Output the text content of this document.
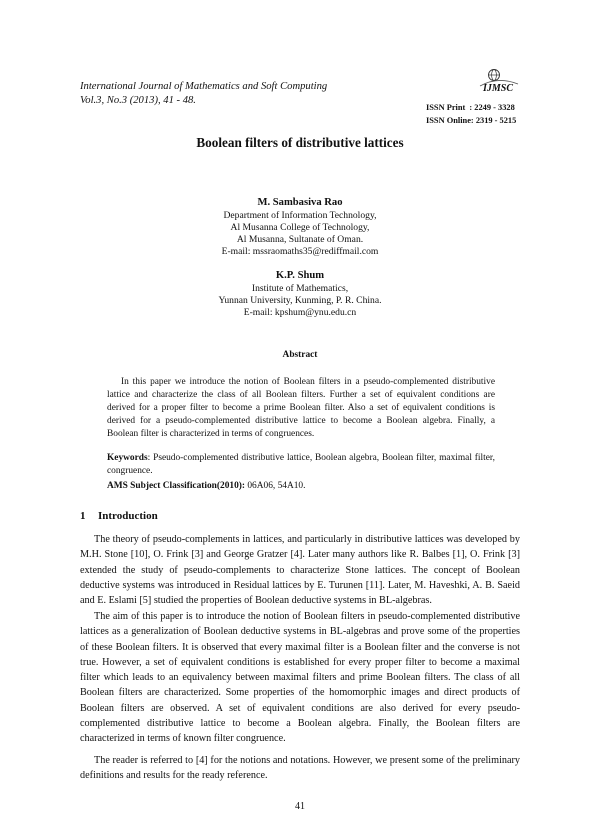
International Journal of Mathematics and Soft Computing
Vol.3, No.3 (2013), 41 - 48.
IJMSC
ISSN Print : 2249 - 3328
ISSN Online: 2319 - 5215
Boolean filters of distributive lattices
M. Sambasiva Rao
Department of Information Technology,
Al Musanna College of Technology,
Al Musanna, Sultanate of Oman.
E-mail: mssraomaths35@rediffmail.com
K.P. Shum
Institute of Mathematics,
Yunnan University, Kunming, P. R. China.
E-mail: kpshum@ynu.edu.cn
Abstract
In this paper we introduce the notion of Boolean filters in a pseudo-complemented distributive lattice and characterize the class of all Boolean filters. Further a set of equivalent conditions are derived for a proper filter to become a prime Boolean filter. Also a set of equivalent conditions is derived for a pseudo-complemented distributive lattice to become a Boolean algebra. Finally, a Boolean filter is characterized in terms of congruences.
Keywords: Pseudo-complemented distributive lattice, Boolean algebra, Boolean filter, maximal filter, congruence.
AMS Subject Classification(2010): 06A06, 54A10.
1 Introduction

The theory of pseudo-complements in lattices, and particularly in distributive lattices was developed by M.H. Stone [10], O. Frink [3] and George Gratzer [4]. Later many authors like R. Balbes [1], O. Frink [3] extended the study of pseudo-complements to characterize Stone lattices. The concept of Boolean deductive systems was introduced in Residual lattices by E. Turunen [11]. Later, M. Haveshki, A. B. Saeid and E. Eslami [5] studied the properties of Boolean deductive systems in BL-algebras.

The aim of this paper is to introduce the notion of Boolean filters in pseudo-complemented distributive lattices as a generalization of Boolean deductive systems in BL-algebras and prove some of the properties of these Boolean filters. It is observed that every maximal filter is a Boolean filter and the converse is not true. However, a set of equivalent conditions is established for every proper filter to become a maximal filter which leads to an equivalency between maximal filters and prime Boolean filters. The class of all Boolean filters are characterized. Some properties of the homomorphic images and direct products of Boolean filters are observed. A set of equivalent conditions are also derived for every pseudo-complemented distributive lattice to become a Boolean algebra. Finally, the Boolean filters are characterized in terms of known filter congruence.

The reader is referred to [4] for the notions and notations. However, we present some of the preliminary definitions and results for the ready reference.

41
